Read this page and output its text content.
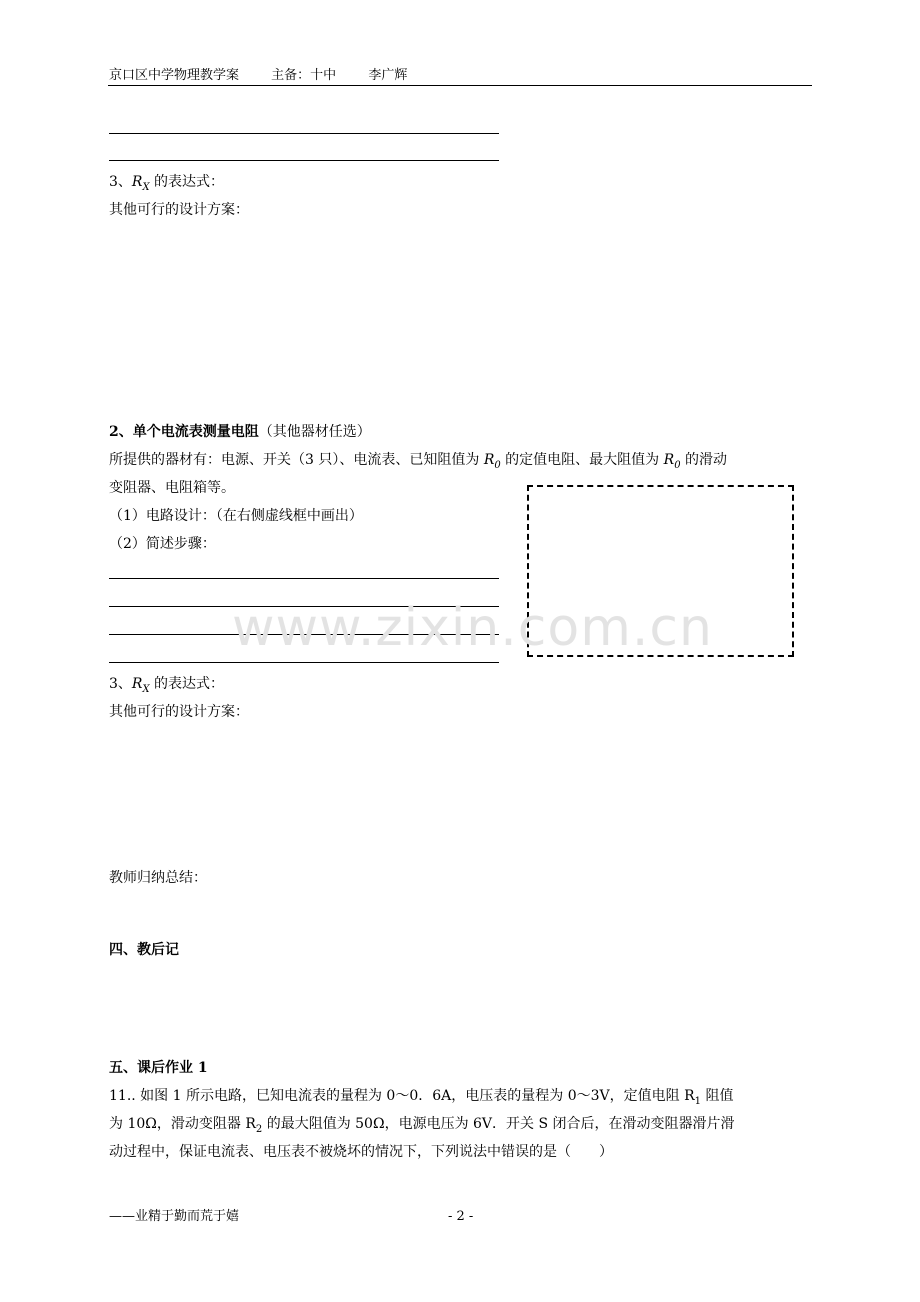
京口区中学物理教学案 主备：十中 李广辉
3、$R_X$ 的表达式：
其他可行的设计方案：
2、单个电流表测量电阻（其他器材任选）
所提供的器材有：电源、开关（3 只）、电流表、已知阻值为 $R_0$ 的定值电阻、最大阻值为 $R_0$ 的滑动
变阻器、电阻箱等。
（1）电路设计：（在右侧虚线框中画出）
（2）简述步骤：
www.zixin.com.cn
3、$R_X$ 的表达式：
其他可行的设计方案：
教师归纳总结：
四、教后记
五、课后作业 1
11.. 如图 1 所示电路，巳知电流表的量程为 0～0．6A，电压表的量程为 0～3V，定值电阻 $R_1$ 阻值
为 10Ω，滑动变阻器 $R_2$ 的最大阻值为 50Ω，电源电压为 6V．开关 S 闭合后，在滑动变阻器滑片滑
动过程中，保证电流表、电压表不被烧坏的情况下，下列说法中错误的是（　　）
——业精于勤而荒于嬉	- 2 -
